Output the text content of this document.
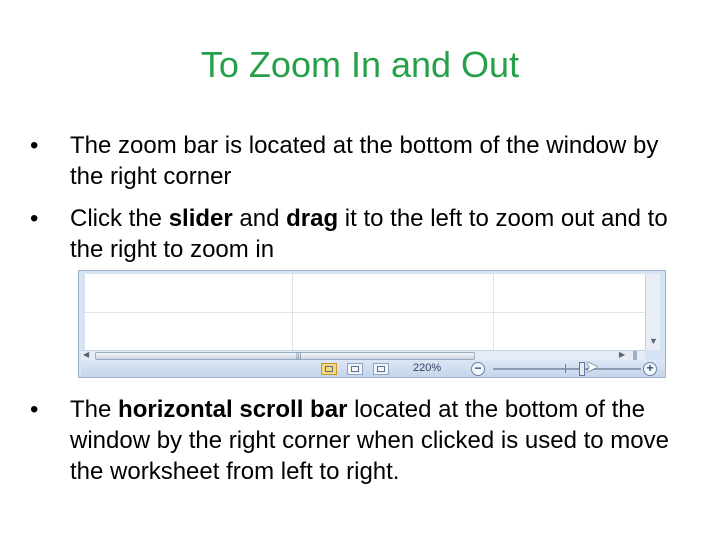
To Zoom In and Out
•	The zoom bar is located at the bottom of the window by the right corner
•	Click the slider and drag it to the left to zoom out and to the right to zoom in
•	The horizontal scroll bar located at the bottom of the window by the right corner when clicked is used to move the worksheet from left to right.
▼
◀	|||	▶
220%	−	➤	+
